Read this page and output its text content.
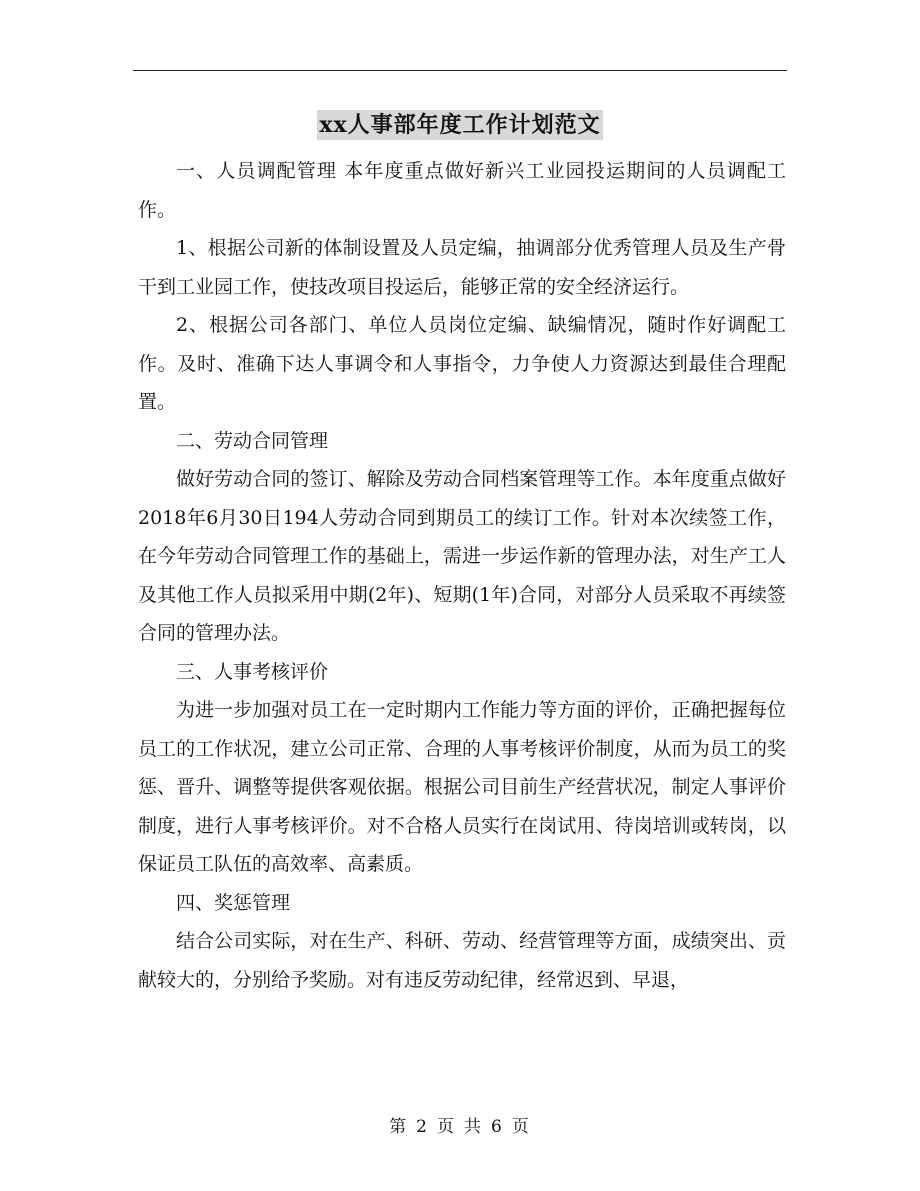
xx人事部年度工作计划范文

一、人员调配管理 本年度重点做好新兴工业园投运期间的人员调配工作。

1、根据公司新的体制设置及人员定编，抽调部分优秀管理人员及生产骨干到工业园工作，使技改项目投运后，能够正常的安全经济运行。

2、根据公司各部门、单位人员岗位定编、缺编情况，随时作好调配工作。及时、准确下达人事调令和人事指令，力争使人力资源达到最佳合理配置。

二、劳动合同管理

做好劳动合同的签订、解除及劳动合同档案管理等工作。本年度重点做好2018年6月30日194人劳动合同到期员工的续订工作。针对本次续签工作，在今年劳动合同管理工作的基础上，需进一步运作新的管理办法，对生产工人及其他工作人员拟采用中期(2年)、短期(1年)合同，对部分人员采取不再续签合同的管理办法。

三、人事考核评价

为进一步加强对员工在一定时期内工作能力等方面的评价，正确把握每位员工的工作状况，建立公司正常、合理的人事考核评价制度，从而为员工的奖惩、晋升、调整等提供客观依据。根据公司目前生产经营状况，制定人事评价制度，进行人事考核评价。对不合格人员实行在岗试用、待岗培训或转岗，以保证员工队伍的高效率、高素质。

四、奖惩管理

结合公司实际，对在生产、科研、劳动、经营管理等方面，成绩突出、贡献较大的，分别给予奖励。对有违反劳动纪律，经常迟到、早退，

第 2 页 共 6 页
